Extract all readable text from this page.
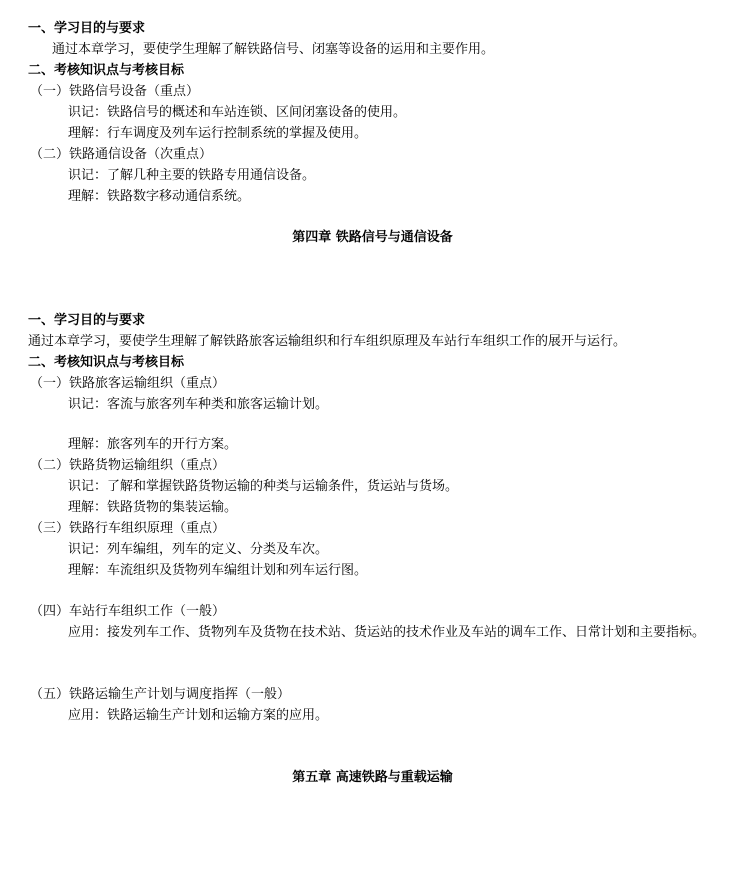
一、学习目的与要求
通过本章学习，要使学生理解了解铁路信号、闭塞等设备的运用和主要作用。
二、考核知识点与考核目标
（一）铁路信号设备（重点）
识记：铁路信号的概述和车站连锁、区间闭塞设备的使用。
理解：行车调度及列车运行控制系统的掌握及使用。
（二）铁路通信设备（次重点）
识记：了解几种主要的铁路专用通信设备。
理解：铁路数字移动通信系统。
第四章 铁路信号与通信设备
一、学习目的与要求
通过本章学习，要使学生理解了解铁路旅客运输组织和行车组织原理及车站行车组织工作的展开与运行。
二、考核知识点与考核目标
（一）铁路旅客运输组织（重点）
识记：客流与旅客列车种类和旅客运输计划。
理解：旅客列车的开行方案。
（二）铁路货物运输组织（重点）
识记：了解和掌握铁路货物运输的种类与运输条件，货运站与货场。
理解：铁路货物的集装运输。
（三）铁路行车组织原理（重点）
识记：列车编组，列车的定义、分类及车次。
理解：车流组织及货物列车编组计划和列车运行图。
（四）车站行车组织工作（一般）
应用：接发列车工作、货物列车及货物在技术站、货运站的技术作业及车站的调车工作、日常计划和主要指标。
（五）铁路运输生产计划与调度指挥（一般）
应用：铁路运输生产计划和运输方案的应用。
第五章 高速铁路与重载运输
